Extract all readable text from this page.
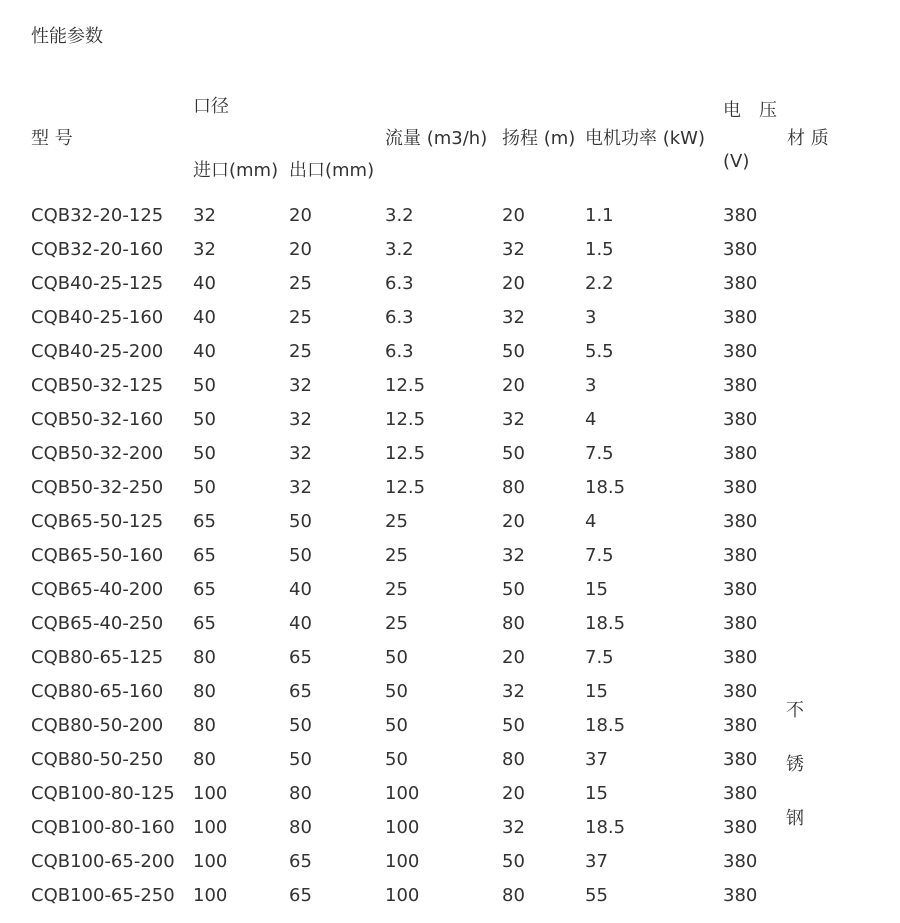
性能参数
型 号
口径
进口(mm) 出口(mm)
流量 (m3/h) 扬程 (m) 电机功率 (kW)
电　压
(V)
材 质
CQB32-20-125 32	20	3.2	20	1.1	380
CQB32-20-160 32	20	3.2	32	1.5	380
CQB40-25-125 40	25	6.3	20	2.2	380
CQB40-25-160 40	25	6.3	32	3	380
CQB40-25-200 40	25	6.3	50	5.5	380
CQB50-32-125 50	32	12.5	20	3	380
CQB50-32-160 50	32	12.5	32	4	380
CQB50-32-200 50	32	12.5	50	7.5	380
CQB50-32-250 50	32	12.5	80	18.5	380
CQB65-50-125 65	50	25	20	4	380
CQB65-50-160 65	50	25	32	7.5	380
CQB65-40-200 65	40	25	50	15	380
CQB65-40-250 65	40	25	80	18.5	380
CQB80-65-125 80	65	50	20	7.5	380
CQB80-65-160 80	65	50	32	15	380
CQB80-50-200 80	50	50	50	18.5	380
CQB80-50-250 80	50	50	80	37	380
CQB100-80-125 100	80	100	20	15	380
CQB100-80-160 100	80	100	32	18.5	380
CQB100-65-200 100	65	100	50	37	380
CQB100-65-250 100	65	100	80	55	380
不
锈
钢
